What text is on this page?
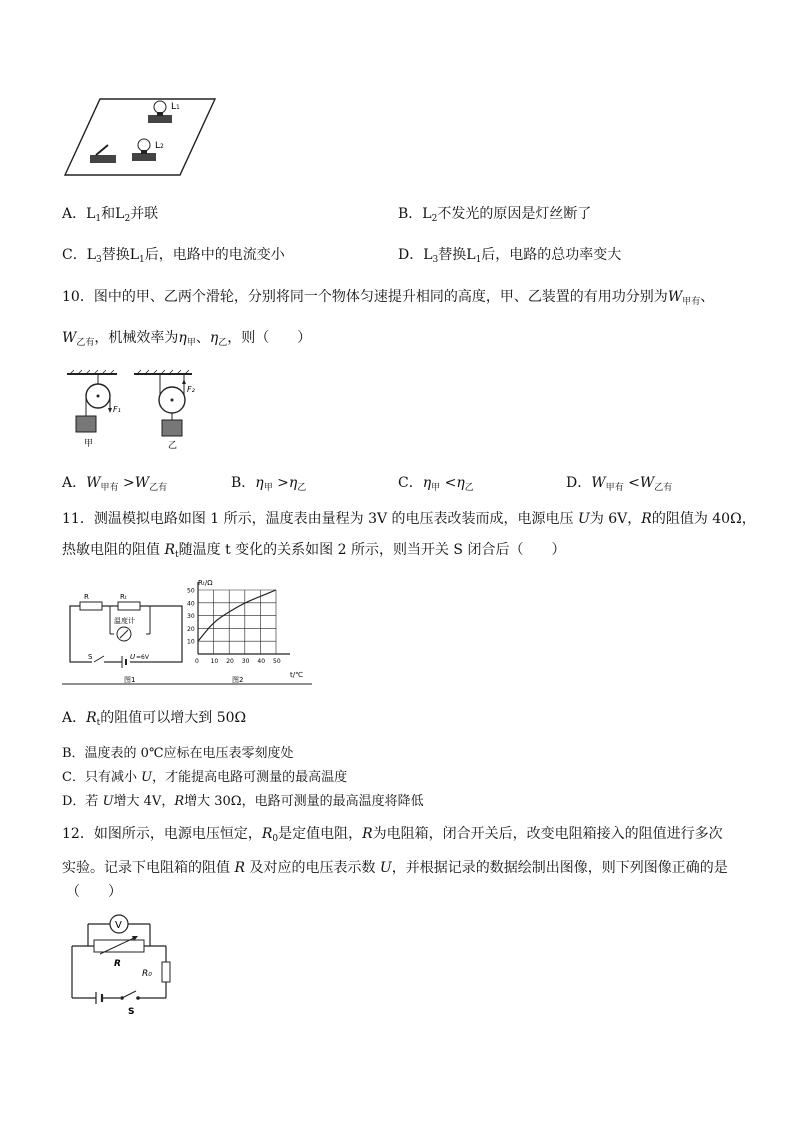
L1
L2
A．$L_1$和$L_2$并联	B．$L_2$不发光的原因是灯丝断了
C．$L_3$替换$L_1$后，电路中的电流变小	D．$L_3$替换$L_1$后，电路的总功率变大
10．图中的甲、乙两个滑轮，分别将同一个物体匀速提升相同的高度，甲、乙装置的有用功分别为$W_{甲有}$、
$W_{乙有}$，机械效率为$\eta_甲$、$\eta_乙$，则（　　）
F₁
甲
F₂
乙
A．$W_{甲有} >W_{乙有}$	B．$\eta_甲 >\eta_乙$	C．$\eta_甲 <\eta_乙$	D．$W_{甲有} <W_{乙有}$
11．测温模拟电路如图 1 所示，温度表由量程为 3V 的电压表改装而成，电源电压 U为 6V，R的阻值为 40Ω，
热敏电阻的阻值 $R_t$随温度 t 变化的关系如图 2 所示，则当开关 S 闭合后（　　）
R	Rₜ
温度计
S	U =6V
图1
50
40
30
20
10
0 10 20 30 40 50
Rₜ/Ω
t/℃
图2
A．$R_t$的阻值可以增大到 50Ω
B．温度表的 0℃应标在电压表零刻度处
C．只有减小 U，才能提高电路可测量的最高温度
D．若 U增大 4V，R增大 30Ω，电路可测量的最高温度将降低
12．如图所示，电源电压恒定，$R_0$是定值电阻，R为电阻箱，闭合开关后，改变电阻箱接入的阻值进行多次
实验。记录下电阻箱的阻值 R 及对应的电压表示数 U，并根据记录的数据绘制出图像，则下列图像正确的是
（　　）
R₀
R
V
S
